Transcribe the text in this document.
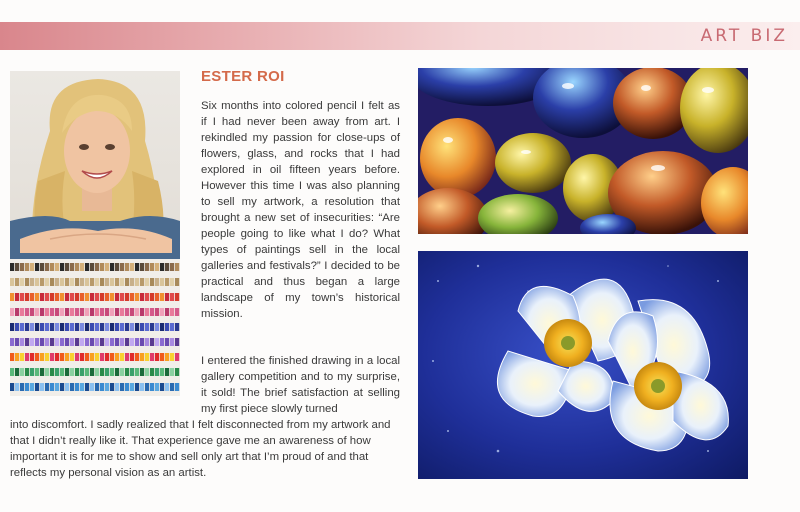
ART BIZ
ESTER ROI

Six months into colored pencil I felt as if I had never been away from art. I rekindled my passion for close-ups of flowers, glass, and rocks that I had explored in oil fifteen years before. However this time I was also planning to sell my artwork, a resolution that brought a new set of insecurities: “Are people going to like what I do? What types of paintings sell in the local galleries and festivals?” I decided to be practical and thus began a large landscape of my town’s historical mission.

I entered the finished drawing in a local gallery competition and to my surprise, it sold! The brief satisfaction at selling my first piece slowly turned

into discomfort. I sadly realized that I felt disconnected from my artwork and that I didn’t really like it. That experience gave me an awareness of how important it is for me to show and sell only art that I’m proud of and that reflects my personal vision as an artist.
